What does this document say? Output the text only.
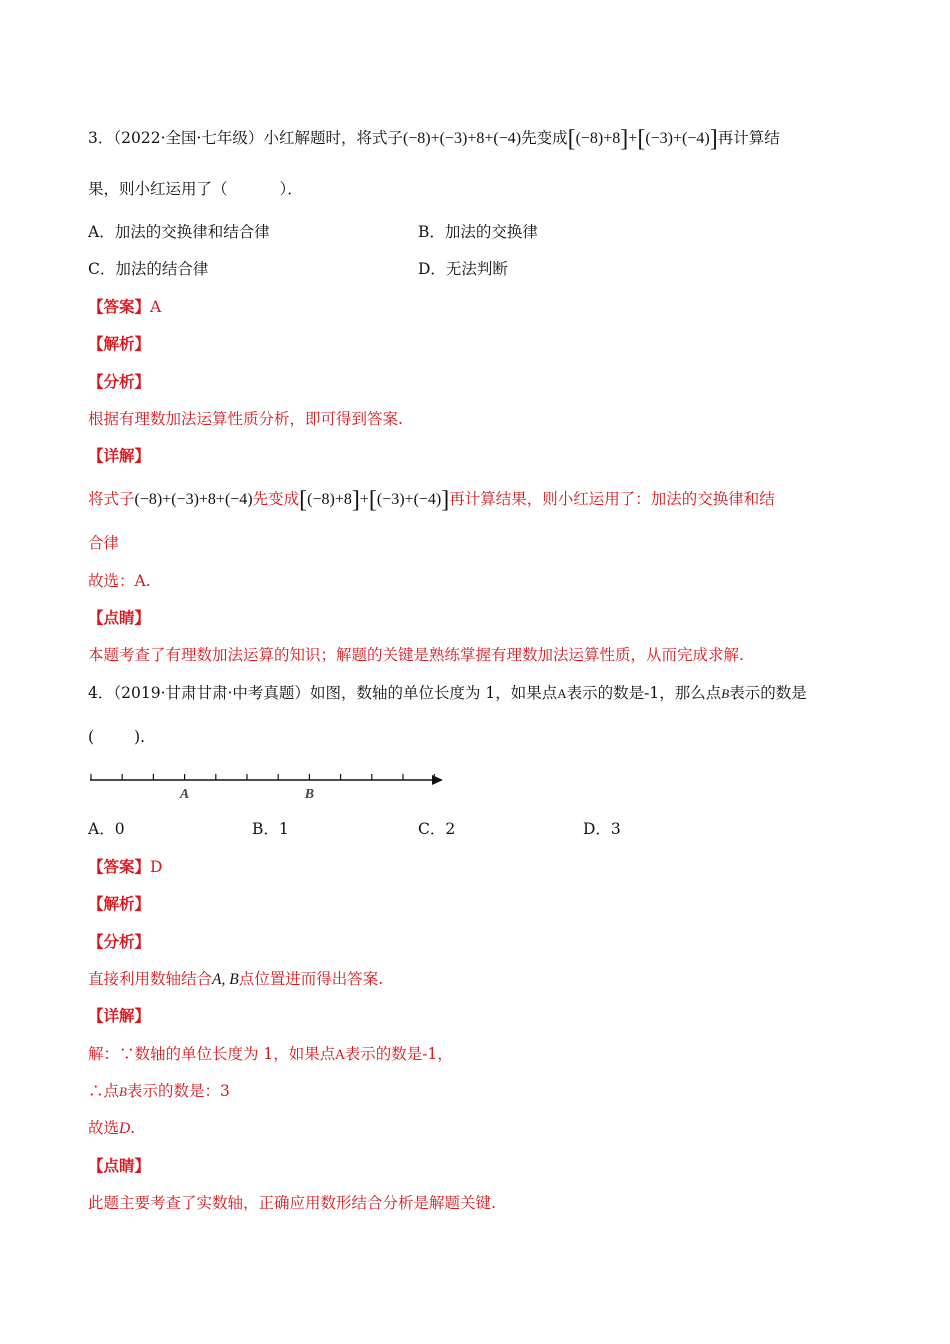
3．（2022·全国·七年级）小红解题时，将式子(−8)+(−3)+8+(−4)先变成[(−8)+8]+[(−3)+(−4)]再计算结
果，则小红运用了（	）．
A．加法的交换律和结合律	B．加法的交换律
C．加法的结合律	D．无法判断
【答案】A
【解析】
【分析】
根据有理数加法运算性质分析，即可得到答案.
【详解】
将式子(−8)+(−3)+8+(−4)先变成[(−8)+8]+[(−3)+(−4)]再计算结果，则小红运用了：加法的交换律和结
合律
故选：A.
【点睛】
本题考查了有理数加法运算的知识；解题的关键是熟练掌握有理数加法运算性质，从而完成求解.
4．（2019·甘肃甘肃·中考真题）如图，数轴的单位长度为 1，如果点A表示的数是-1，那么点B表示的数是
(	).
A	B
A．0	B．1	C．2	D．3
【答案】D
【解析】
【分析】
直接利用数轴结合A, B点位置进而得出答案.
【详解】
解：∵数轴的单位长度为 1，如果点A表示的数是-1，
∴点B表示的数是：3
故选D.
【点睛】
此题主要考查了实数轴，正确应用数形结合分析是解题关键.
